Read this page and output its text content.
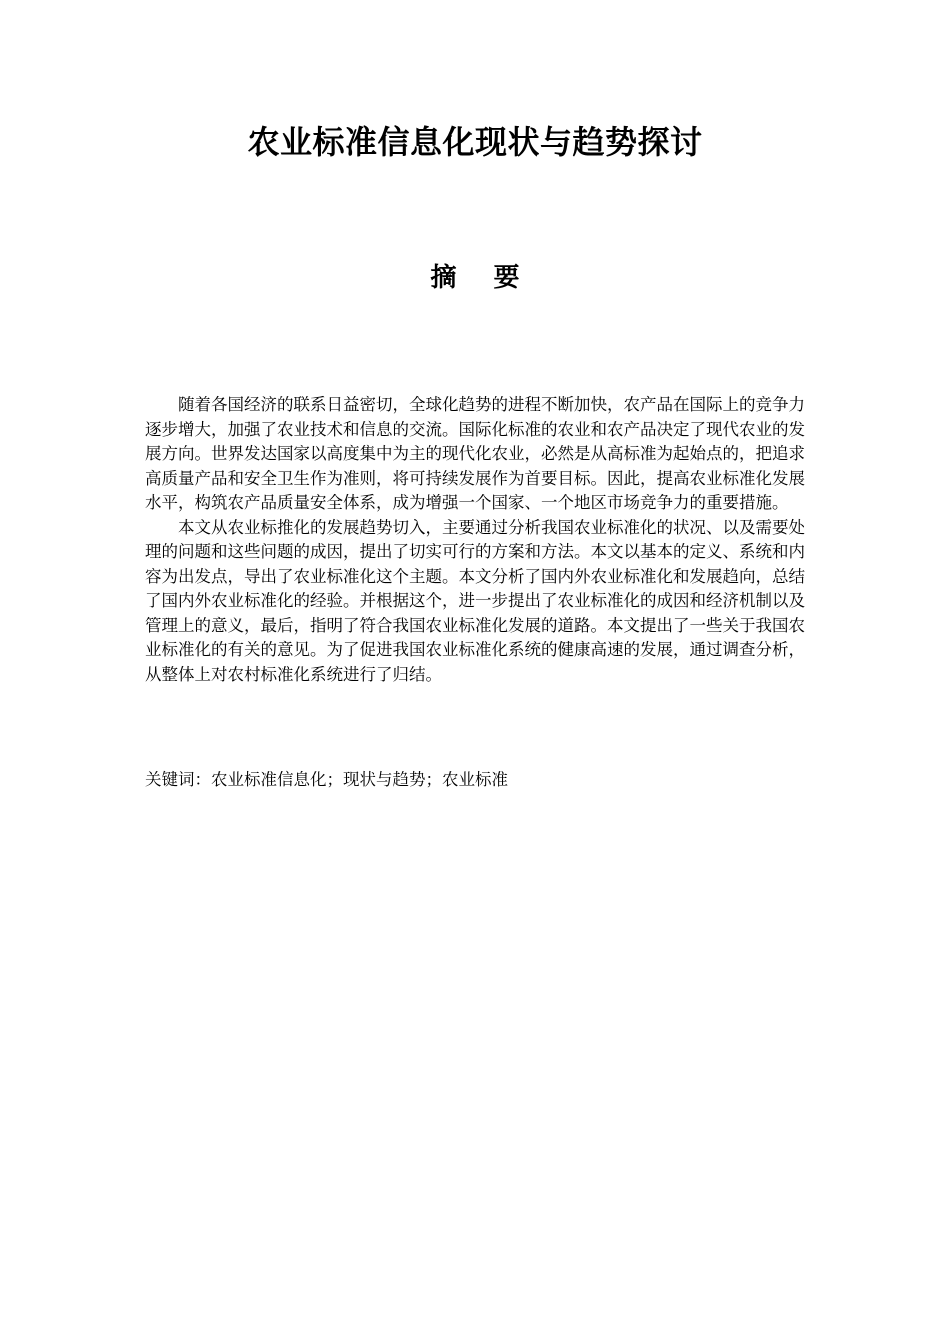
农业标准信息化现状与趋势探讨
摘 要

随着各国经济的联系日益密切，全球化趋势的进程不断加快，农产品在国际上的竞争力逐步增大，加强了农业技术和信息的交流。国际化标准的农业和农产品决定了现代农业的发展方向。世界发达国家以高度集中为主的现代化农业，必然是从高标准为起始点的，把追求高质量产品和安全卫生作为准则，将可持续发展作为首要目标。因此，提高农业标准化发展水平，构筑农产品质量安全体系，成为增强一个国家、一个地区市场竞争力的重要措施。

本文从农业标推化的发展趋势切入，主要通过分析我国农业标准化的状况、以及需要处理的问题和这些问题的成因，提出了切实可行的方案和方法。本文以基本的定义、系统和内容为出发点，导出了农业标准化这个主题。本文分析了国内外农业标准化和发展趋向，总结了国内外农业标准化的经验。并根据这个，进一步提出了农业标准化的成因和经济机制以及管理上的意义，最后，指明了符合我国农业标准化发展的道路。本文提出了一些关于我国农业标准化的有关的意见。为了促进我国农业标准化系统的健康高速的发展，通过调查分析，从整体上对农村标准化系统进行了归结。

关键词：农业标准信息化；现状与趋势；农业标准
